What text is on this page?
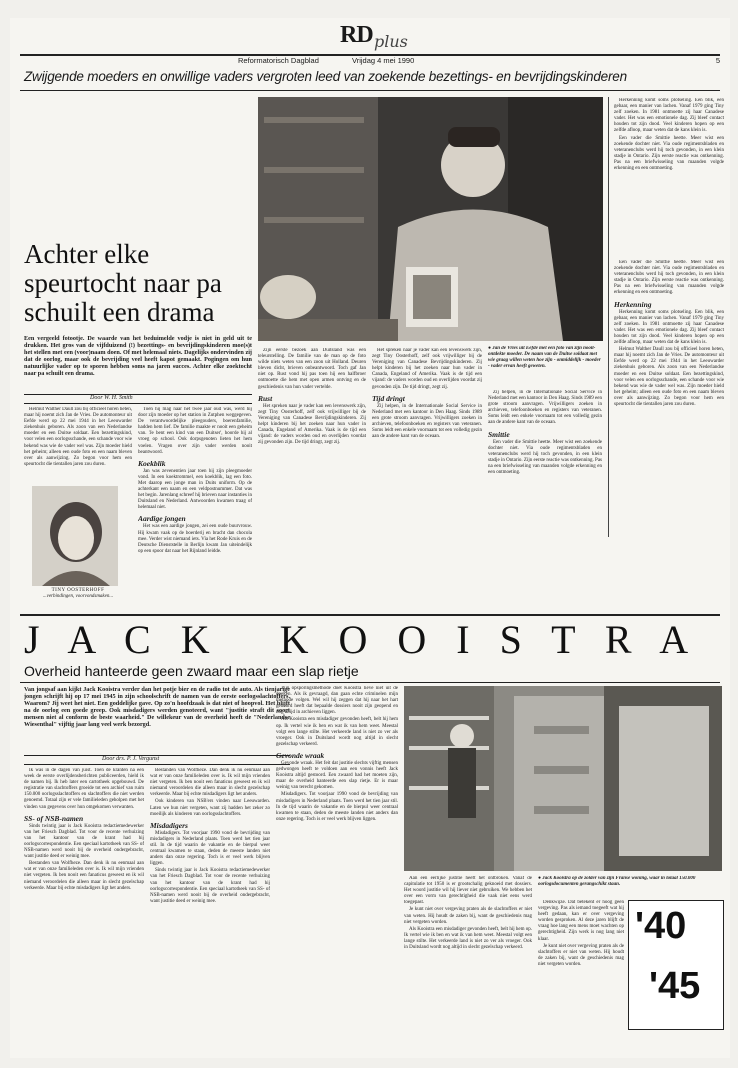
RD plus
Reformatorisch Dagblad	Vrijdag 4 mei 1990	5
Zwijgende moeders en onwillige vaders vergroten leed van zoekende bezettings- en bevrijdingskinderen
Achter elke speurtocht naar pa schuilt een drama
Een vergeeld fotootje. De waarde van het beduimelde vodje is niet in geld uit te drukken. Het gros van de vijfduizend (!) bezettings- en bevrijdingskinderen moe(s)t het stellen met een (voor)naam doen. Of met helemaal niets. Dagelijks ondervinden zij dat de oorlog, maar ook de bevrijding veel heeft kapot gemaakt. Pogingen om hun natuurlijke vader op te sporen hebben soms na jaren succes. Achter elke zoektocht naar pa schuilt een drama.
Door W. H. Smith

Helmut Walther Daull zou bij officieel horen heten, maar hij noemt zich Jan de Vries. De automonteur uit Eefde werd op 22 mei 1944 in het Leeuwarder ziekenhuis geboren. Als zoon van een Nederlandse moeder en een Duitse soldaat. Een bezettingskind, voor velen een oorlogsschande, een schande voor wie bekend was wie de vader wel was. Zijn moeder hield het geheim; alleen een oude foto en een naam bleven over als aanwijzing. Zo begon voor hem een speurtocht die tientallen jaren zou duren.

TINY OOSTERHOFF
...verbindingen, voorvondsmaken...

Toen hij mag naar het twee jaar oud was, werd hij door zijn moeder op het station in Zutphen weggegeven. De verantwoordelijke pleegouders, boerenfamilie, hadden hem lief. De familie maakte er nooit een geheim van. 'Je bent een kind van een Duitser', hoorde hij al vroeg op school. Ook dorpsgenoten lieten het hem voelen. Vragen over zijn vader werden nooit beantwoord.

Koekblik

Jan was zevenentien jaar toen hij zijn pleegmoeder vond. In een koektrommel, een koekblik, lag een foto. Met daarop een jonge man in Duits uniform. Op de achterkant een naam en een veldpostnummer. Dat was het begin. Jarenlang schreef hij brieven naar instanties in Duitsland en Nederland. Antwoorden kwamen traag of helemaal niet.

Aardige jongen

Het was een aardige jongen, zei een oude buurvrouw. Hij kwam vaak op de boerderij en bracht dan chocola mee. Verder wist niemand iets. Via het Rode Kruis en de Deutsche Dienststelle in Berlijn kwam Jan uiteindelijk op een spoor dat naar het Rijnland leidde.

Zijn eerste bezoek aan Duitsland was een teleurstelling. De familie van de man op de foto wilde niets weten van een zoon uit Holland. Deuren bleven dicht, brieven onbeantwoord. Toch gaf Jan niet op. Rust vond hij pas toen hij een halfbroer ontmoette die hem met open armen ontving en de geschiedenis van hun vader vertelde.

Rust

Het spreken naar je vader kan een levenswerk zijn, zegt Tiny Oosterhoff, zelf ook vrijwilliger bij de Vereniging van Canadese Bevrijdingskinderen. Zij helpt kinderen bij het zoeken naar hun vader in Canada, Engeland of Amerika. Vaak is de tijd een vijand: de vaders worden oud en overlijden voordat zij gevonden zijn. De tijd dringt, zegt zij.

Het spreken naar je vader kan een levenswerk zijn, zegt Tiny Oosterhoff, zelf ook vrijwilliger bij de Vereniging van Canadese Bevrijdingskinderen. Zij helpt kinderen bij het zoeken naar hun vader in Canada, Engeland of Amerika. Vaak is de tijd een vijand: de vaders worden oud en overlijden voordat zij gevonden zijn. De tijd dringt, zegt zij.

Tijd dringt

Zij helpen, in de Internationale Social Service in Nederland met een kantoor in Den Haag. Sinds 1989 een grote stroom aanvragen. Vrijwilligers zoeken in archieven, telefoonboeken en registers van veteranen. Soms leidt een enkele voornaam tot een volledig gezin aan de andere kant van de oceaan.

● Jan de Vries uit Eefde met een foto van zijn nooit-ontdekte moeder. De naam van de Duitse soldaat met wie graag willen weten hoe zijn - onmiddelijk - moeder - vader ervan heeft geweten.

Zij helpen, in de Internationale Social Service in Nederland met een kantoor in Den Haag. Sinds 1989 een grote stroom aanvragen. Vrijwilligers zoeken in archieven, telefoonboeken en registers van veteranen. Soms leidt een enkele voornaam tot een volledig gezin aan de andere kant van de oceaan.

Smittie

Een vader die Smittie heette. Meer wist een zoekende dochter niet. Via oude regimentsbladen en veteranenclubs werd hij toch gevonden, in een klein stadje in Ontario. Zijn eerste reactie was ontkenning. Pas na een briefwisseling van maanden volgde erkenning en een ontmoeting.

Een vader die Smittie heette. Meer wist een zoekende dochter niet. Via oude regimentsbladen en veteranenclubs werd hij toch gevonden, in een klein stadje in Ontario. Zijn eerste reactie was ontkenning. Pas na een briefwisseling van maanden volgde erkenning en een ontmoeting.

Herkenning

Herkenning komt soms plotseling. Een blik, een gebaar, een manier van lachen. Vanaf 1979 ging Tiny zelf zoeken. In 1981 ontmoette zij haar Canadese vader. Het was een emotionele dag. Zij bleef contact houden tot zijn dood. Veel kinderen hopen op een zelfde afloop, maar weten dat de kans klein is.

Helmut Walther Daull zou bij officieel horen heten, maar hij noemt zich Jan de Vries. De automonteur uit Eefde werd op 22 mei 1944 in het Leeuwarder ziekenhuis geboren. Als zoon van een Nederlandse moeder en een Duitse soldaat. Een bezettingskind, voor velen een oorlogsschande, een schande voor wie bekend was wie de vader wel was. Zijn moeder hield het geheim; alleen een oude foto en een naam bleven over als aanwijzing. Zo begon voor hem een speurtocht die tientallen jaren zou duren.

Herkenning komt soms plotseling. Een blik, een gebaar, een manier van lachen. Vanaf 1979 ging Tiny zelf zoeken. In 1981 ontmoette zij haar Canadese vader. Het was een emotionele dag. Zij bleef contact houden tot zijn dood. Veel kinderen hopen op een zelfde afloop, maar weten dat de kans klein is.

Een vader die Smittie heette. Meer wist een zoekende dochter niet. Via oude regimentsbladen en veteranenclubs werd hij toch gevonden, in een klein stadje in Ontario. Zijn eerste reactie was ontkenning. Pas na een briefwisseling van maanden volgde erkenning en een ontmoeting.

J A C K   K O O I S T R A
Overheid hanteerde geen zwaard maar een slap rietje
Van jongsaf aan kijkt Jack Kooistra verder dan het potje bier en de radio tot de auto. Als tienjarige jongen schrijft hij op 17 mei 1945 in zijn schoolschrift de namen van de eerste oorlogsslachtoffers. Waarom? Jij weet het niet. Een goddelijke gave. Op zo'n hoofdzaak is dat niet of hoopvol. Het blijft na de oorlog een goede greep. Ook misdadigers werden genoteerd, want "justitie straft dit soort mensen niet al conform de beste waarheid." De willekeur van de overheid heeft de "Nederlandse Wiesenthal" vijftig jaar lang veel werk bezorgd.
Door drs. P. J. Vergunst

Ik was in de dagen van juist. Toen de kranten na een week de eerste overlijdensberichten publiceerden, hield ik de namen bij. Ik heb later een cartotheek opgebouwd. De registratie van slachtoffers groeide tot een archief van ruim 150.000 oorlogsslachtoffers en slachtoffers die niet werden genoemd. Totaal zijn er vele familieleden geholpen met het vinden van gegevens over hun omgekomen verwanten.

SS- of NSB-namen

Sinds twintig jaar is Jack Kooistra redactiemedewerker van het Friesch Dagblad. Tot voor de recente verhuizing van het kantoor van de krant had hij oorlogscorrespondentie. Een speciaal kartotheek van SS- of NSB-namen werd nooit bij de overheid ondergebracht, want justitie deed er weinig mee.

Bestanden van Wolfheze. Dan denk ik nu eenmaal aan wat er van onze familieleden over is. Ik wil mijn vrienden niet vergeten. Ik ben nooit een fanaticus geweest en ik wil niemand veroordelen die alleen maar in slecht gezelschap verkeerde. Maar bij echte misdadigers ligt het anders.

Bestanden van Wolfheze. Dan denk ik nu eenmaal aan wat er van onze familieleden over is. Ik wil mijn vrienden niet vergeten. Ik ben nooit een fanaticus geweest en ik wil niemand veroordelen die alleen maar in slecht gezelschap verkeerde. Maar bij echte misdadigers ligt het anders.

Ook kinderen van NSB'ers vinden naar Leeuwarden. Laten we hun niet vergeten, want zij hadden het zeker zo moeilijk als kinderen van oorlogsslachtoffers.

Misdadigers

Misdadigers. Tot voorjaar 1990 vond de bevrijding van misdadigers in Nederland plaats. Toen werd het tien jaar stil. In de tijd waarin de vakantie en de bierpul weer centraal kwamen te staan, deden de meeste landen niet anders dan onze regering. Toch is er veel werk blijven liggen.

Sinds twintig jaar is Jack Kooistra redactiemedewerker van het Friesch Dagblad. Tot voor de recente verhuizing van het kantoor van de krant had hij oorlogscorrespondentie. Een speciaal kartotheek van SS- of NSB-namen werd nooit bij de overheid ondergebracht, want justitie deed er weinig mee.

Zijn opsporingsmethode doet Kooistra lieve niet uit de doeken. Als ik gevraagd, dan gaan echte criminelen mijn methode volgen. Wel wil hij zeggen dat hij naar het hart gehoord heeft dat bepaalde dossiers nooit zijn geopend en nog altijd in archieven liggen.

Als Kooistra een misdadiger gevonden heeft, belt hij hem op. Ik vertel wie ik ben en wat ik van hem weet. Meestal volgt een lange stilte. Het verkeerde land is niet zo ver als vroeger. Ook in Duitsland wordt nog altijd in slecht gezelschap verkeerd.

Gevonde wraak

Gevonde wraak. Het feit dat justitie slechts vijftig mensen gedwongen heeft te voldoen aan een vonnis heeft Jack Kooistra altijd gestoord. Een zwaard had het moeten zijn, maar de overheid hanteerde een slap rietje. Er is maar weinig van terecht gekomen.

Misdadigers. Tot voorjaar 1990 vond de bevrijding van misdadigers in Nederland plaats. Toen werd het tien jaar stil. In de tijd waarin de vakantie en de bierpul weer centraal kwamen te staan, deden de meeste landen niet anders dan onze regering. Toch is er veel werk blijven liggen.

Aan een eerlijke justitie heeft het ontbroken. Vanaf de capitulatie tot 1950 is er grootschalig geknoeid met dossiers. Het woord justitie wil hij liever niet gebruiken. We hebben het over een vorm van gerechtigheid die vaak niet eens werd toegepast.

Je kunt niet over vergeving praten als de slachtoffers er niet van weten. Hij houdt de zaken bij, want de geschiedenis mag niet vergeten worden.

Als Kooistra een misdadiger gevonden heeft, belt hij hem op. Ik vertel wie ik ben en wat ik van hem weet. Meestal volgt een lange stilte. Het verkeerde land is niet zo ver als vroeger. Ook in Duitsland wordt nog altijd in slecht gezelschap verkeerd.

● Jack Kooistra op de zolder van zijn Franse woning, waar in totaal 150.000 oorlogsdocumenten gerangschikt staan.

Denkwijze. Dat betekent er hoog geen vergeving. Pas als iemand toegeeft wat hij heeft gedaan, kan er over vergeving worden gesproken. Al deze jaren blijft de vraag hoe lang een mens moet wachten op gerechtigheid. Zijn werk is nog lang niet klaar.

Je kunt niet over vergeving praten als de slachtoffers er niet van weten. Hij houdt de zaken bij, want de geschiedenis mag niet vergeten worden.

'40
'45
